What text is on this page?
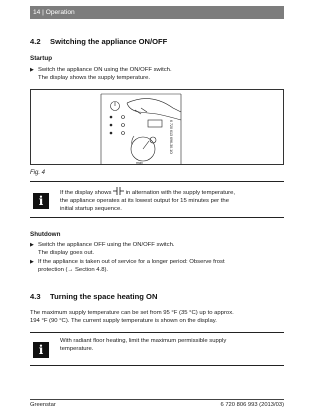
14 | Operation
4.2 Switching the appliance ON/OFF
Startup
▶ Switch the appliance ON using the ON/OFF switch.
The display shows the supply temperature.
max
6 720 613 696-30.1O
Fig. 4
i
If the display shows in alternation with the supply temperature,
the appliance operates at its lowest output for 15 minutes per the
initial startup sequence.
Shutdown
▶ Switch the appliance OFF using the ON/OFF switch.
The display goes out.
▶ If the appliance is taken out of service for a longer period: Observe frost
protection (→ Section 4.8).
4.3 Turning the space heating ON
The maximum supply temperature can be set from 95 °F (35 °C) up to approx.
194 °F (90 °C). The current supply temperature is shown on the display.
i
With radiant floor heating, limit the maximum permissible supply
temperature.
Greenstar	6 720 806 993 (2013/03)
